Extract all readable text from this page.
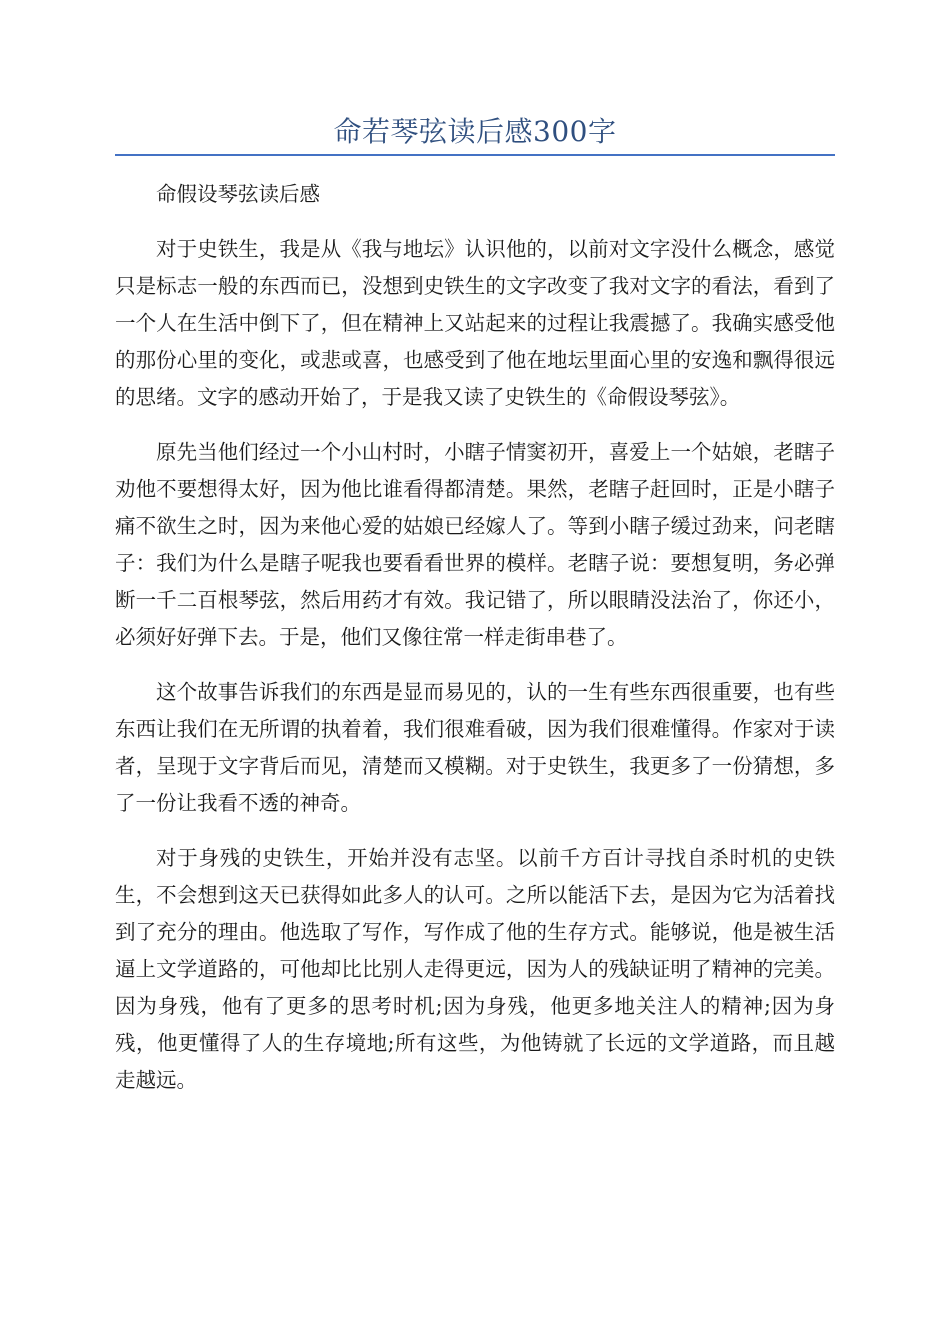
命若琴弦读后感300字

命假设琴弦读后感

对于史铁生，我是从《我与地坛》认识他的，以前对文字没什么概念，感觉只是标志一般的东西而已，没想到史铁生的文字改变了我对文字的看法，看到了一个人在生活中倒下了，但在精神上又站起来的过程让我震撼了。我确实感受他的那份心里的变化，或悲或喜，也感受到了他在地坛里面心里的安逸和飘得很远的思绪。文字的感动开始了，于是我又读了史铁生的《命假设琴弦》。

原先当他们经过一个小山村时，小瞎子情窦初开，喜爱上一个姑娘，老瞎子劝他不要想得太好，因为他比谁看得都清楚。果然，老瞎子赶回时，正是小瞎子痛不欲生之时，因为来他心爱的姑娘已经嫁人了。等到小瞎子缓过劲来，问老瞎子：我们为什么是瞎子呢我也要看看世界的模样。老瞎子说：要想复明，务必弹断一千二百根琴弦，然后用药才有效。我记错了，所以眼睛没法治了，你还小，必须好好弹下去。于是，他们又像往常一样走街串巷了。

这个故事告诉我们的东西是显而易见的，认的一生有些东西很重要，也有些东西让我们在无所谓的执着着，我们很难看破，因为我们很难懂得。作家对于读者，呈现于文字背后而见，清楚而又模糊。对于史铁生，我更多了一份猜想，多了一份让我看不透的神奇。

对于身残的史铁生，开始并没有志坚。以前千方百计寻找自杀时机的史铁生，不会想到这天已获得如此多人的认可。之所以能活下去，是因为它为活着找到了充分的理由。他选取了写作，写作成了他的生存方式。能够说，他是被生活逼上文学道路的，可他却比比别人走得更远，因为人的残缺证明了精神的完美。因为身残，他有了更多的思考时机;因为身残，他更多地关注人的精神;因为身残，他更懂得了人的生存境地;所有这些，为他铸就了长远的文学道路，而且越走越远。
